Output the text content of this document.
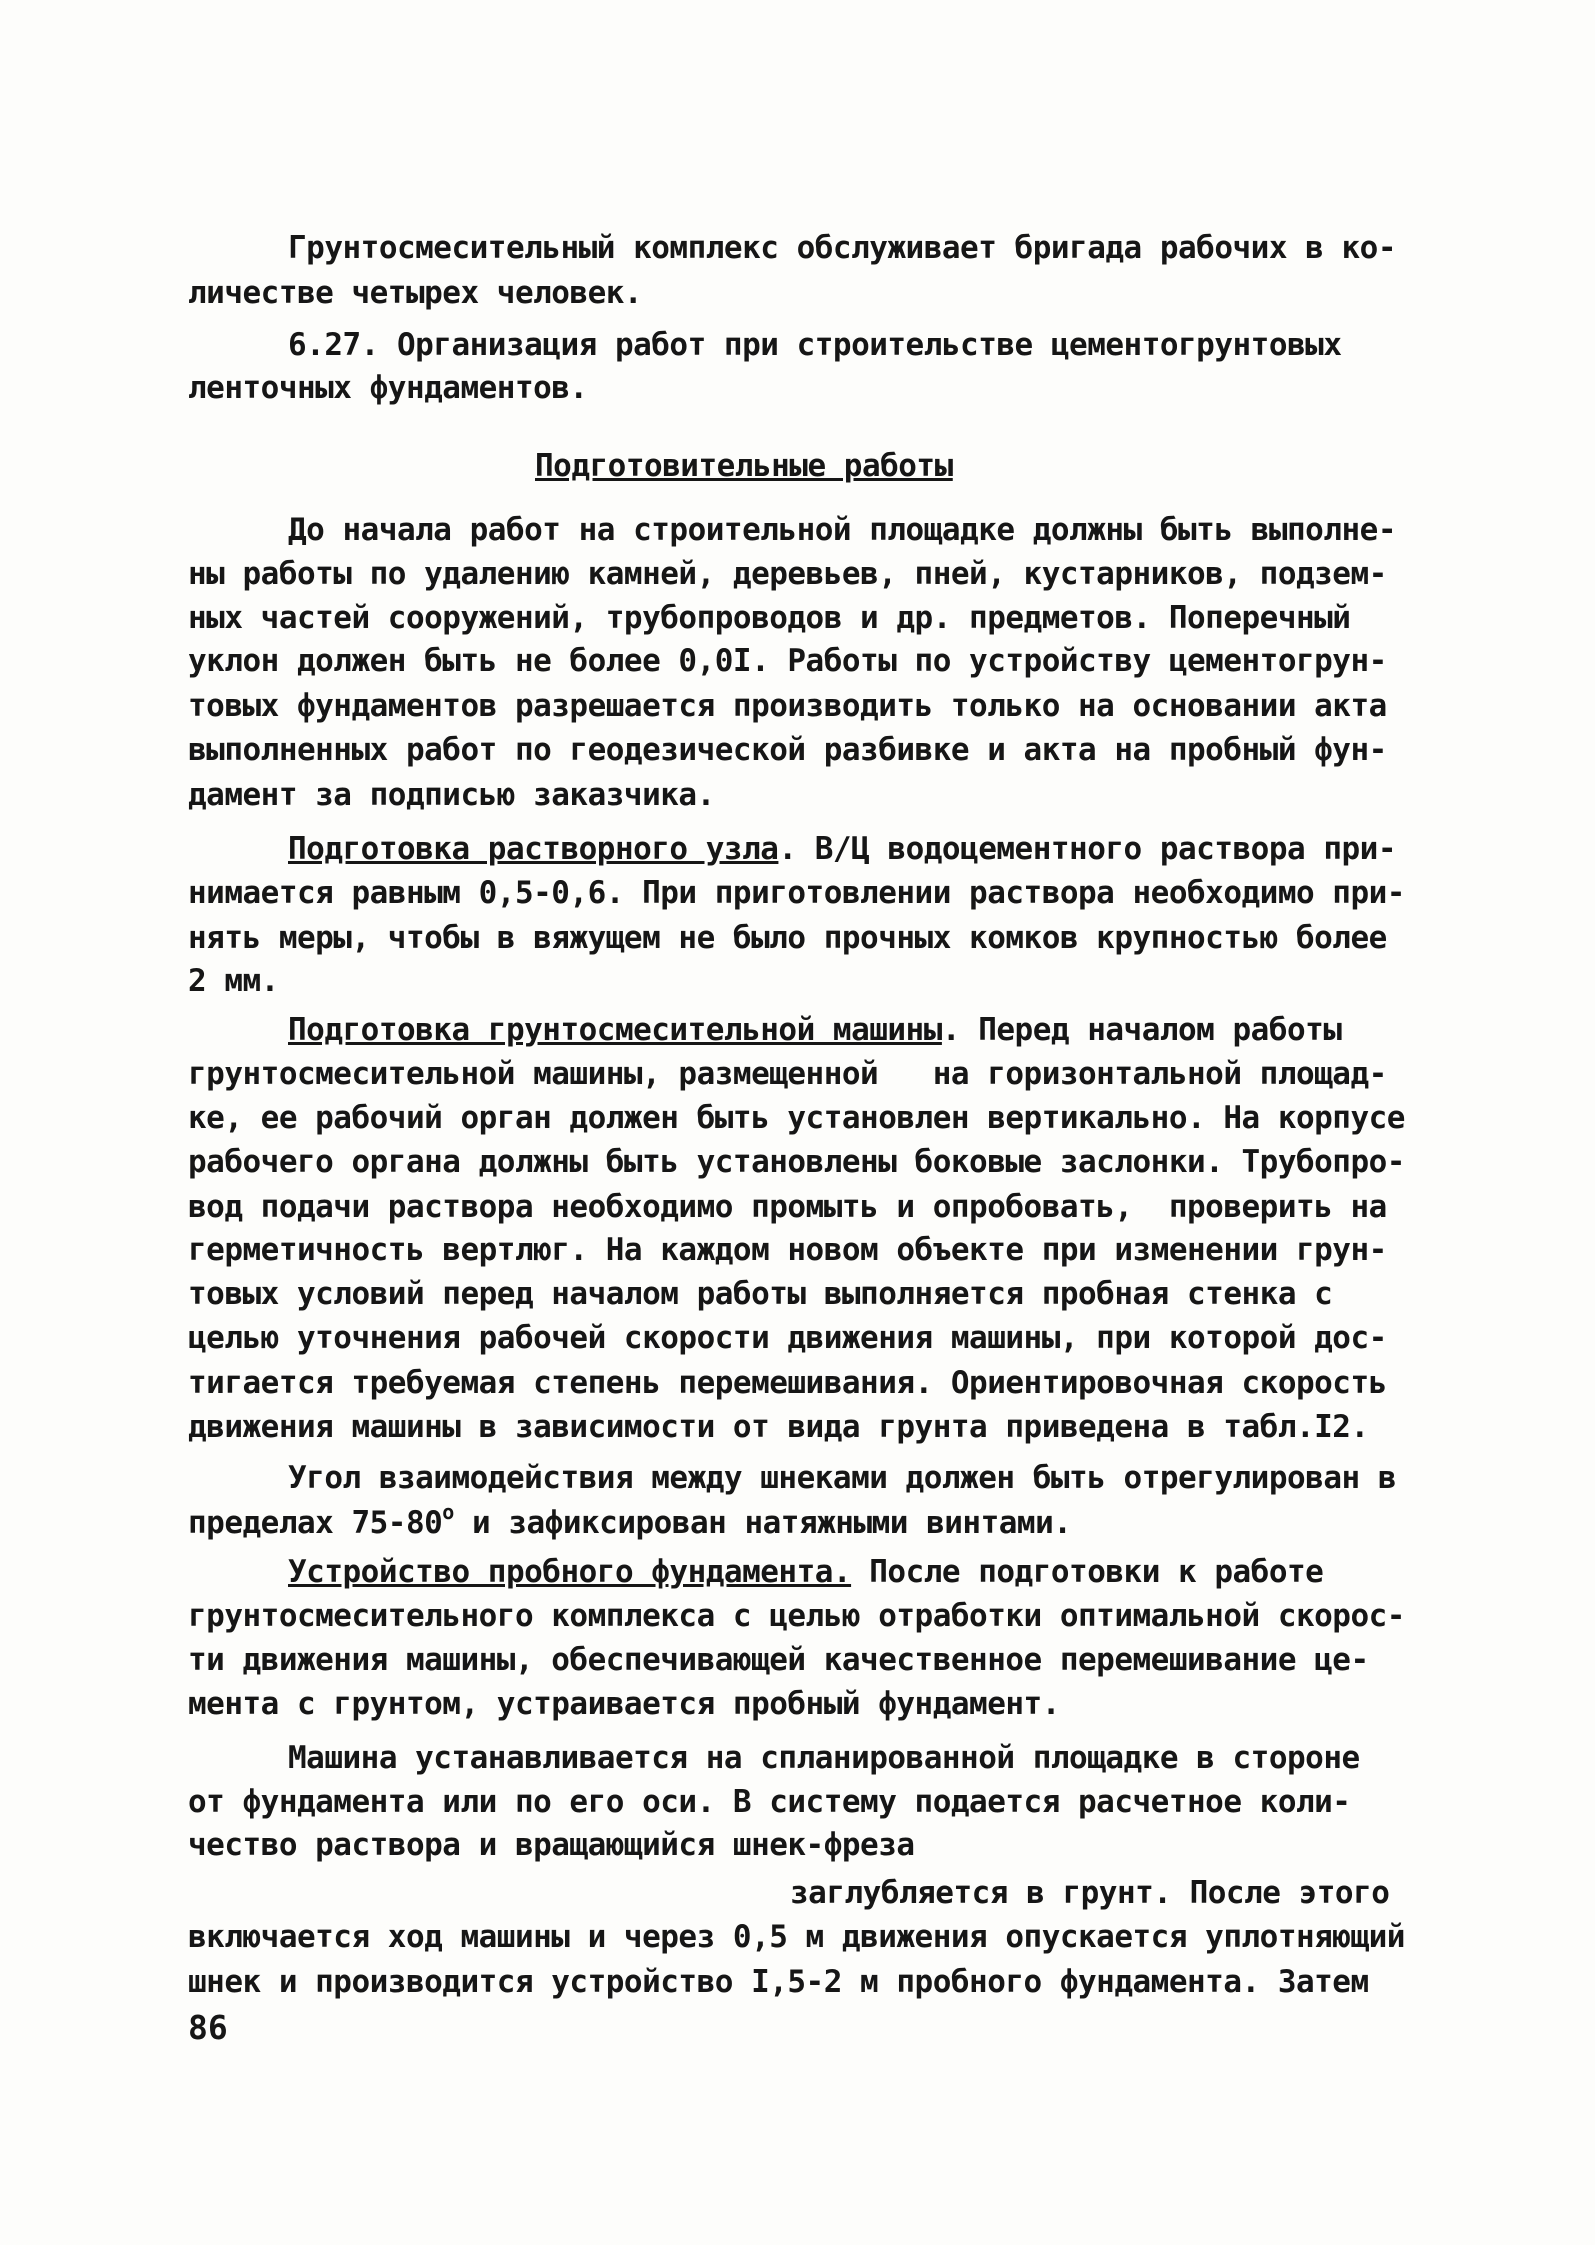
Грунтосмесительный комплекс обслуживает бригада рабочих в ко-
личестве четырех человек.
6.27. Организация работ при строительстве цементогрунтовых
ленточных фундаментов.
Подготовительные работы
До начала работ на строительной площадке должны быть выполне-
ны работы по удалению камней, деревьев, пней, кустарников, подзем-
ных частей сооружений, трубопроводов и др. предметов. Поперечный
уклон должен быть не более 0,0I. Работы по устройству цементогрун-
товых фундаментов разрешается производить только на основании акта
выполненных работ по геодезической разбивке и акта на пробный фун-
дамент за подписью заказчика.
Подготовка растворного узла. В/Ц водоцементного раствора при-
нимается равным 0,5-0,6. При приготовлении раствора необходимо при-
нять меры, чтобы в вяжущем не было прочных комков крупностью более
2 мм.
Подготовка грунтосмесительной машины. Перед началом работы
грунтосмесительной машины, размещенной   на горизонтальной площад-
ке, ее рабочий орган должен быть установлен вертикально. На корпусе
рабочего органа должны быть установлены боковые заслонки. Трубопро-
вод подачи раствора необходимо промыть и опробовать,  проверить на
герметичность вертлюг. На каждом новом объекте при изменении грун-
товых условий перед началом работы выполняется пробная стенка с
целью уточнения рабочей скорости движения машины, при которой дос-
тигается требуемая степень перемешивания. Ориентировочная скорость
движения машины в зависимости от вида грунта приведена в табл.I2.
Угол взаимодействия между шнеками должен быть отрегулирован в
пределах $75-80^о$ и зафиксирован натяжными винтами.
Устройство пробного фундамента. После подготовки к работе
грунтосмесительного комплекса с целью отработки оптимальной скорос-
ти движения машины, обеспечивающей качественное перемешивание це-
мента с грунтом, устраивается пробный фундамент.
Машина устанавливается на спланированной площадке в стороне
от фундамента или по его оси. В систему подается расчетное коли-
чество раствора и вращающийся шнек-фреза
заглубляется в грунт. После этого
включается ход машины и через 0,5 м движения опускается уплотняющий
шнек и производится устройство I,5-2 м пробного фундамента. Затем
86
